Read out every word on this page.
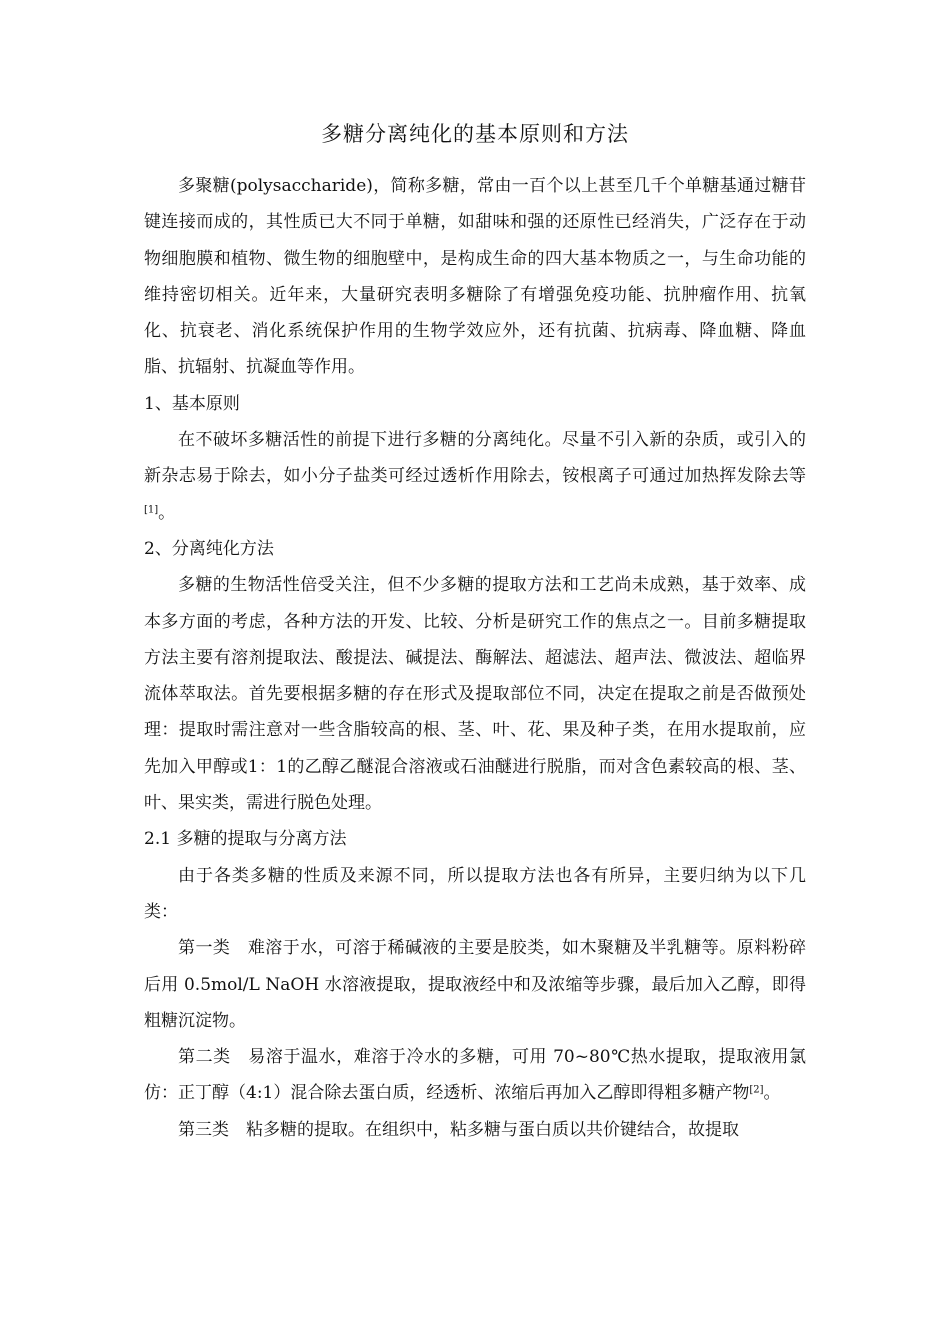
多糖分离纯化的基本原则和方法

多聚糖(polysaccharide)，简称多糖，常由一百个以上甚至几千个单糖基通过糖苷键连接而成的，其性质已大不同于单糖，如甜味和强的还原性已经消失，广泛存在于动物细胞膜和植物、微生物的细胞壁中，是构成生命的四大基本物质之一，与生命功能的维持密切相关。近年来，大量研究表明多糖除了有增强免疫功能、抗肿瘤作用、抗氧化、抗衰老、消化系统保护作用的生物学效应外，还有抗菌、抗病毒、降血糖、降血脂、抗辐射、抗凝血等作用。

1、基本原则

在不破坏多糖活性的前提下进行多糖的分离纯化。尽量不引入新的杂质，或引入的新杂志易于除去，如小分子盐类可经过透析作用除去，铵根离子可通过加热挥发除去等[1]。

2、分离纯化方法

多糖的生物活性倍受关注，但不少多糖的提取方法和工艺尚未成熟，基于效率、成本多方面的考虑，各种方法的开发、比较、分析是研究工作的焦点之一。目前多糖提取方法主要有溶剂提取法、酸提法、碱提法、酶解法、超滤法、超声法、微波法、超临界流体萃取法。首先要根据多糖的存在形式及提取部位不同，决定在提取之前是否做预处理：提取时需注意对一些含脂较高的根、茎、叶、花、果及种子类，在用水提取前，应先加入甲醇或1：1的乙醇乙醚混合溶液或石油醚进行脱脂，而对含色素较高的根、茎、叶、果实类，需进行脱色处理。

2.1 多糖的提取与分离方法

由于各类多糖的性质及来源不同，所以提取方法也各有所异，主要归纳为以下几类：

第一类　难溶于水，可溶于稀碱液的主要是胶类，如木聚糖及半乳糖等。原料粉碎后用 0.5mol/L NaOH 水溶液提取，提取液经中和及浓缩等步骤，最后加入乙醇，即得粗糖沉淀物。

第二类　易溶于温水，难溶于冷水的多糖，可用 70~80℃热水提取，提取液用氯仿：正丁醇（4:1）混合除去蛋白质，经透析、浓缩后再加入乙醇即得粗多糖产物[2]。

第三类　粘多糖的提取。在组织中，粘多糖与蛋白质以共价键结合，故提取
